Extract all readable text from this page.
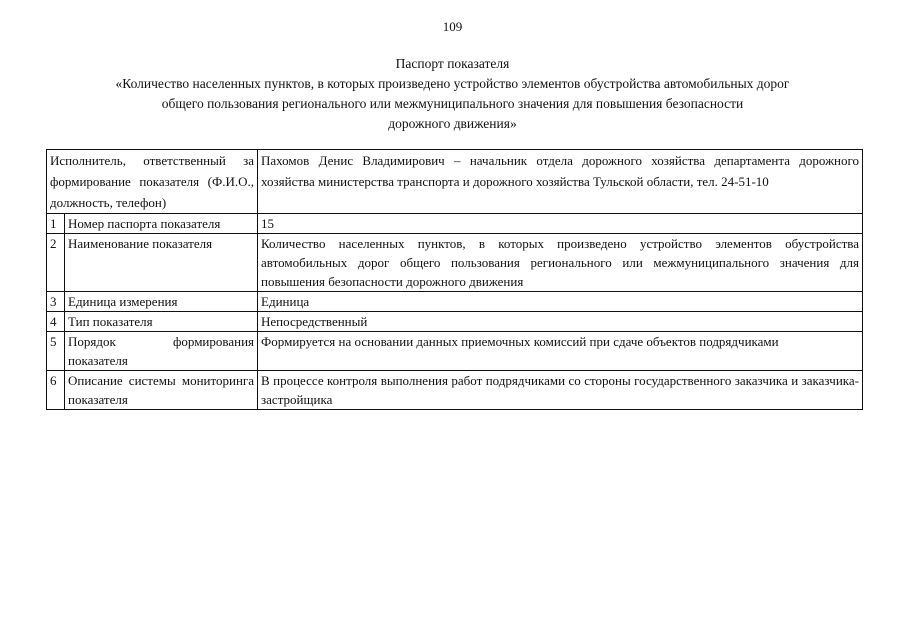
109
Паспорт показателя
«Количество населенных пунктов, в которых произведено устройство элементов обустройства автомобильных дорог
общего пользования регионального или межмуниципального значения для повышения безопасности
дорожного движения»
Исполнитель, ответственный за формирование показателя (Ф.И.О., должность, телефон)		Пахомов Денис Владимирович – начальник отдела дорожного хозяйства департамента дорожного хозяйства министерства транспорта и дорожного хозяйства Тульской области, тел. 24-51-10
1	Номер паспорта показателя	15
2	Наименование показателя	Количество населенных пунктов, в которых произведено устройство элементов обустройства автомобильных дорог общего пользования регионального или межмуниципального значения для повышения безопасности дорожного движения
3	Единица измерения	Единица
4	Тип показателя	Непосредственный
5	Порядок формирования показателя	Формируется на основании данных приемочных комиссий при сдаче объектов подрядчиками
6	Описание системы мониторинга показателя	В процессе контроля выполнения работ подрядчиками со стороны государственного заказчика и заказчика-застройщика
